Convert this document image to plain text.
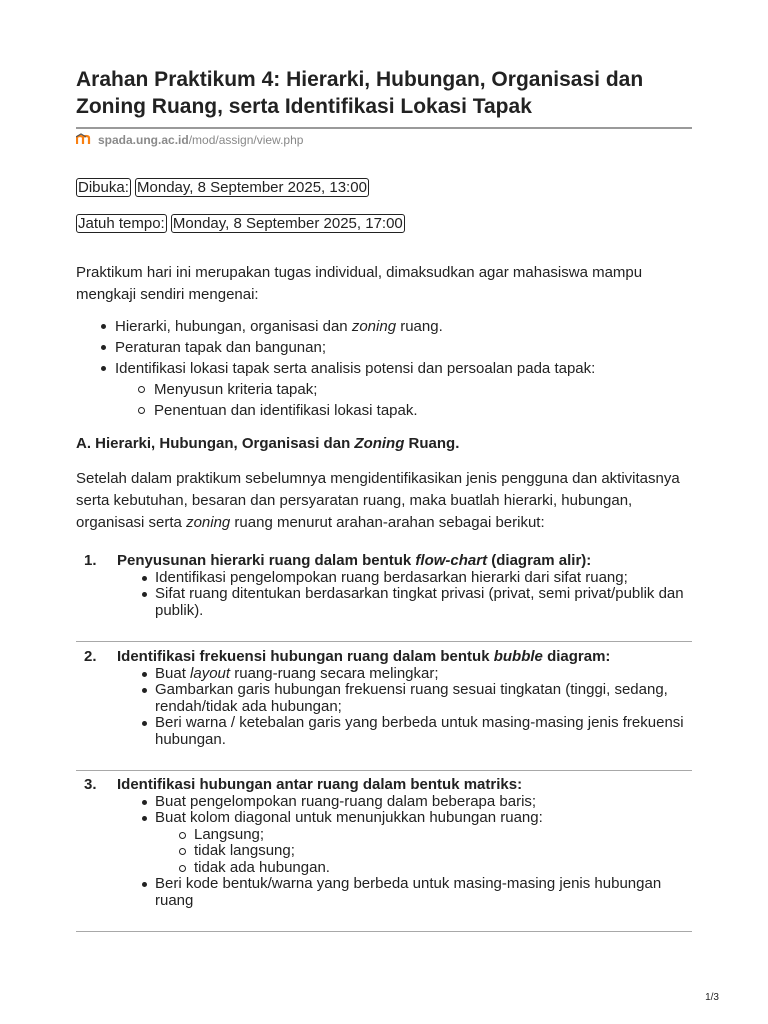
Arahan Praktikum 4: Hierarki, Hubungan, Organisasi dan Zoning Ruang, serta Identifikasi Lokasi Tapak
spada.ung.ac.id/mod/assign/view.php
Dibuka: Monday, 8 September 2025, 13:00
Jatuh tempo: Monday, 8 September 2025, 17:00

Praktikum hari ini merupakan tugas individual, dimaksudkan agar mahasiswa mampu mengkaji sendiri mengenai:

Hierarki, hubungan, organisasi dan zoning ruang.
Peraturan tapak dan bangunan;
Identifikasi lokasi tapak serta analisis potensi dan persoalan pada tapak:
Menyusun kriteria tapak;
Penentuan dan identifikasi lokasi tapak.
A. Hierarki, Hubungan, Organisasi dan Zoning Ruang.

Setelah dalam praktikum sebelumnya mengidentifikasikan jenis pengguna dan aktivitasnya serta kebutuhan, besaran dan persyaratan ruang, maka buatlah hierarki, hubungan, organisasi serta zoning ruang menurut arahan-arahan sebagai berikut:

1. Penyusunan hierarki ruang dalam bentuk flow-chart (diagram alir):
Identifikasi pengelompokan ruang berdasarkan hierarki dari sifat ruang;
Sifat ruang ditentukan berdasarkan tingkat privasi (privat, semi privat/publik dan publik).
2. Identifikasi frekuensi hubungan ruang dalam bentuk bubble diagram:
Buat layout ruang-ruang secara melingkar;
Gambarkan garis hubungan frekuensi ruang sesuai tingkatan (tinggi, sedang, rendah/tidak ada hubungan;
Beri warna / ketebalan garis yang berbeda untuk masing-masing jenis frekuensi hubungan.
3. Identifikasi hubungan antar ruang dalam bentuk matriks:
Buat pengelompokan ruang-ruang dalam beberapa baris;
Buat kolom diagonal untuk menunjukkan hubungan ruang:
Langsung;
tidak langsung;
tidak ada hubungan.
Beri kode bentuk/warna yang berbeda untuk masing-masing jenis hubungan ruang
1/3
